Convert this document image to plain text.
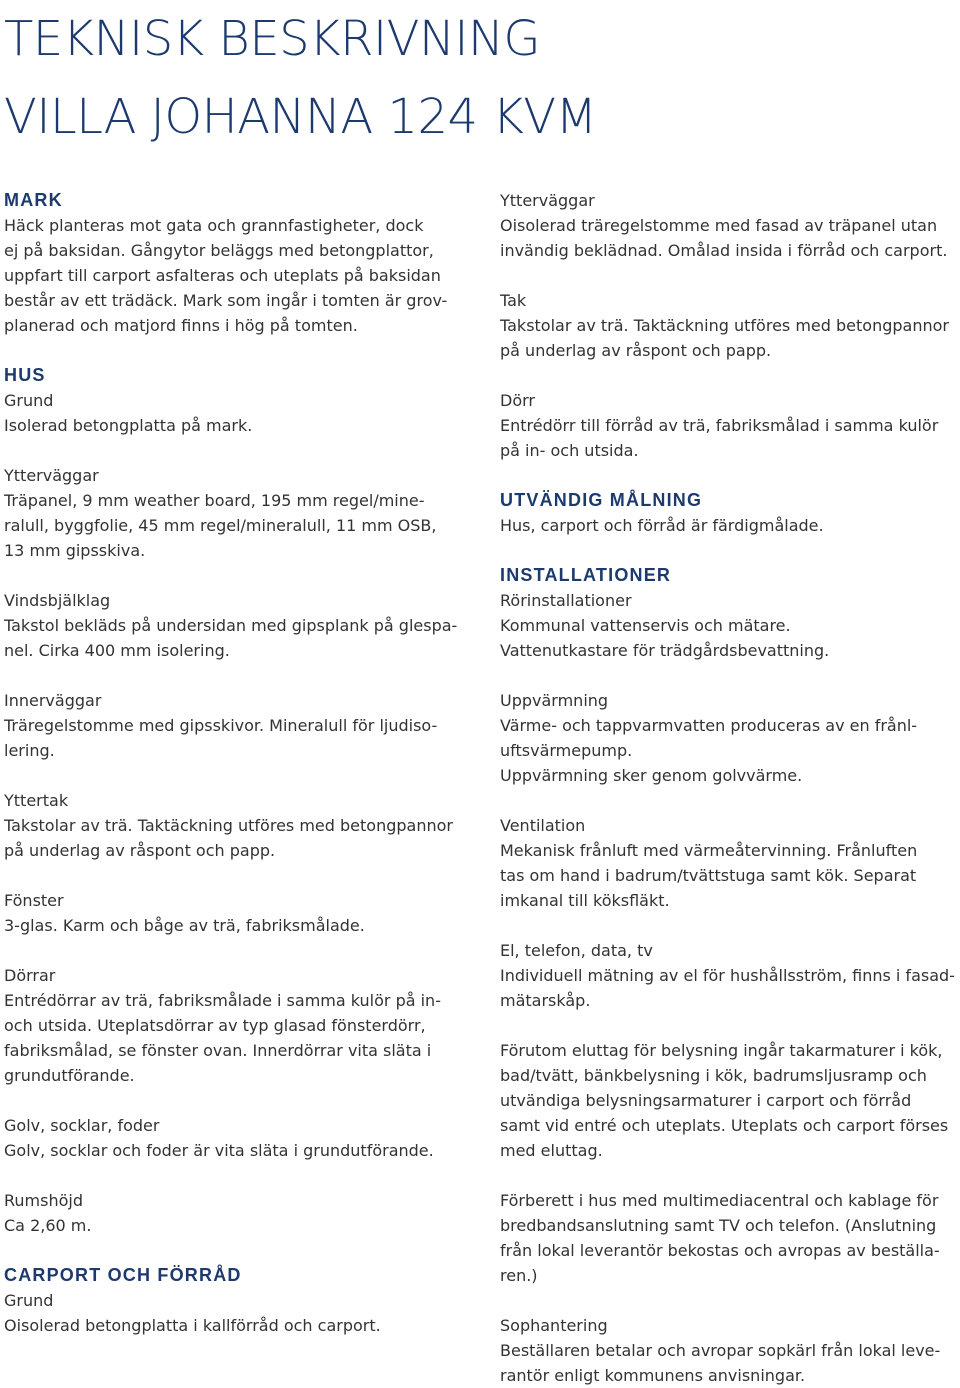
TEKNISK BESKRIVNING
VILLA JOHANNA 124 KVM
MARK
Häck planteras mot gata och grannfastigheter, dock
ej på baksidan. Gångytor beläggs med betongplattor,
uppfart till carport asfalteras och uteplats på baksidan
består av ett trädäck. Mark som ingår i tomten är grov-
planerad och matjord finns i hög på tomten.
HUS
Grund
Isolerad betongplatta på mark.
Ytterväggar
Träpanel, 9 mm weather board, 195 mm regel/mine-
ralull, byggfolie, 45 mm regel/mineralull, 11 mm OSB,
13 mm gipsskiva.
Vindsbjälklag
Takstol bekläds på undersidan med gipsplank på glespa-
nel. Cirka 400 mm isolering.
Innerväggar
Träregelstomme med gipsskivor. Mineralull för ljudiso-
lering.
Yttertak
Takstolar av trä. Taktäckning utföres med betongpannor
på underlag av råspont och papp.
Fönster
3-glas. Karm och båge av trä, fabriksmålade.
Dörrar
Entrédörrar av trä, fabriksmålade i samma kulör på in-
och utsida. Uteplatsdörrar av typ glasad fönsterdörr,
fabriksmålad, se fönster ovan. Innerdörrar vita släta i
grundutförande.
Golv, socklar, foder
Golv, socklar och foder är vita släta i grundutförande.
Rumshöjd
Ca 2,60 m.
CARPORT OCH FÖRRÅD
Grund
Oisolerad betongplatta i kallförråd och carport.
Ytterväggar
Oisolerad träregelstomme med fasad av träpanel utan
invändig beklädnad. Omålad insida i förråd och carport.
Tak
Takstolar av trä. Taktäckning utföres med betongpannor
på underlag av råspont och papp.
Dörr
Entrédörr till förråd av trä, fabriksmålad i samma kulör
på in- och utsida.
UTVÄNDIG MÅLNING
Hus, carport och förråd är färdigmålade.
INSTALLATIONER
Rörinstallationer
Kommunal vattenservis och mätare.
Vattenutkastare för trädgårdsbevattning.
Uppvärmning
Värme- och tappvarmvatten produceras av en frånl-
uftsvärmepump.
Uppvärmning sker genom golvvärme.
Ventilation
Mekanisk frånluft med värmeåtervinning. Frånluften
tas om hand i badrum/tvättstuga samt kök. Separat
imkanal till köksfläkt.
El, telefon, data, tv
Individuell mätning av el för hushållsström, finns i fasad-
mätarskåp.
Förutom eluttag för belysning ingår takarmaturer i kök,
bad/tvätt, bänkbelysning i kök, badrumsljusramp och
utvändiga belysningsarmaturer i carport och förråd
samt vid entré och uteplats. Uteplats och carport förses
med eluttag.
Förberett i hus med multimediacentral och kablage för
bredbandsanslutning samt TV och telefon. (Anslutning
från lokal leverantör bekostas och avropas av beställa-
ren.)
Sophantering
Beställaren betalar och avropar sopkärl från lokal leve-
rantör enligt kommunens anvisningar.
